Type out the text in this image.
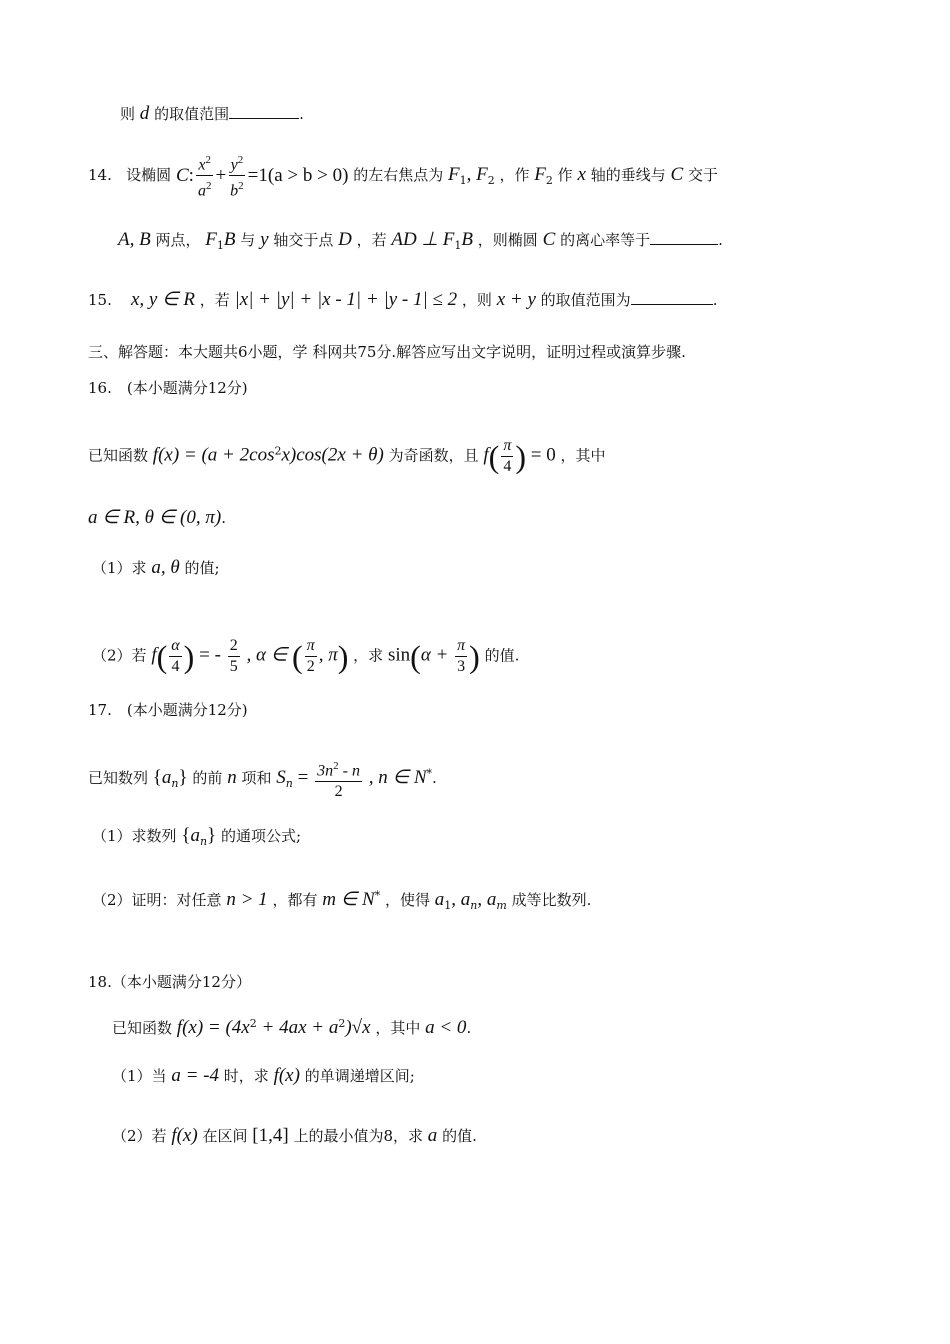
则 d 的取值范围	.
14. 设椭圆 C : $\frac{x^2}{a^2} + \frac{y^2}{b^2} =1$ (a > b > 0) 的左右焦点为 $F_1$, $F_2$ ，作 $F_2$ 作 x 轴的垂线与 C 交于
A, B 两点， $F_1B$ 与 y 轴交于点 D ，若 AD ⊥ $F_1B$ ，则椭圆 C 的离心率等于	.
15. x, y ∈ R ，若 |x| + |y| + |x - 1| + |y - 1| ≤ 2 ，则 x + y 的取值范围为	.
三、解答题：本大题共6小题，学 科网共75分.解答应写出文字说明，证明过程或演算步骤.
16.　(本小题满分12分)
已知函数 $f(x) = (a + 2\cos^2x)\cos(2x + \theta)$ 为奇函数，且 $f( \frac{\pi}{4}$ ) = 0 ，其中
a ∈ R, θ ∈ (0, π).
（1）求 a, θ 的值;
（2）若 $f( \frac{\alpha}{4}$ ) = - $\frac{2}{5}$ , α ∈ ( $\frac{\pi}{2}$ , π) ，求 $\sin(\alpha + \frac{\pi}{3}$ ) 的值.
17.　(本小题满分12分)
已知数列 $\{a_n\}$ 的前 n 项和 $S_n = \frac{3n^2 - n}{2}$ , n ∈ N*.
（1）求数列 $\{a_n\}$ 的通项公式;
（2）证明：对任意 n > 1 ，都有 m ∈ N* ，使得 $a_1$, $a_n$, $a_m$ 成等比数列.
18.（本小题满分12分）
已知函数 $f(x) = (4x^2 + 4ax + a^2)√x$ ，其中 a < 0.
（1）当 a = -4 时，求 f(x) 的单调递增区间;
（2）若 f(x) 在区间 [1,4] 上的最小值为8，求 a 的值.
